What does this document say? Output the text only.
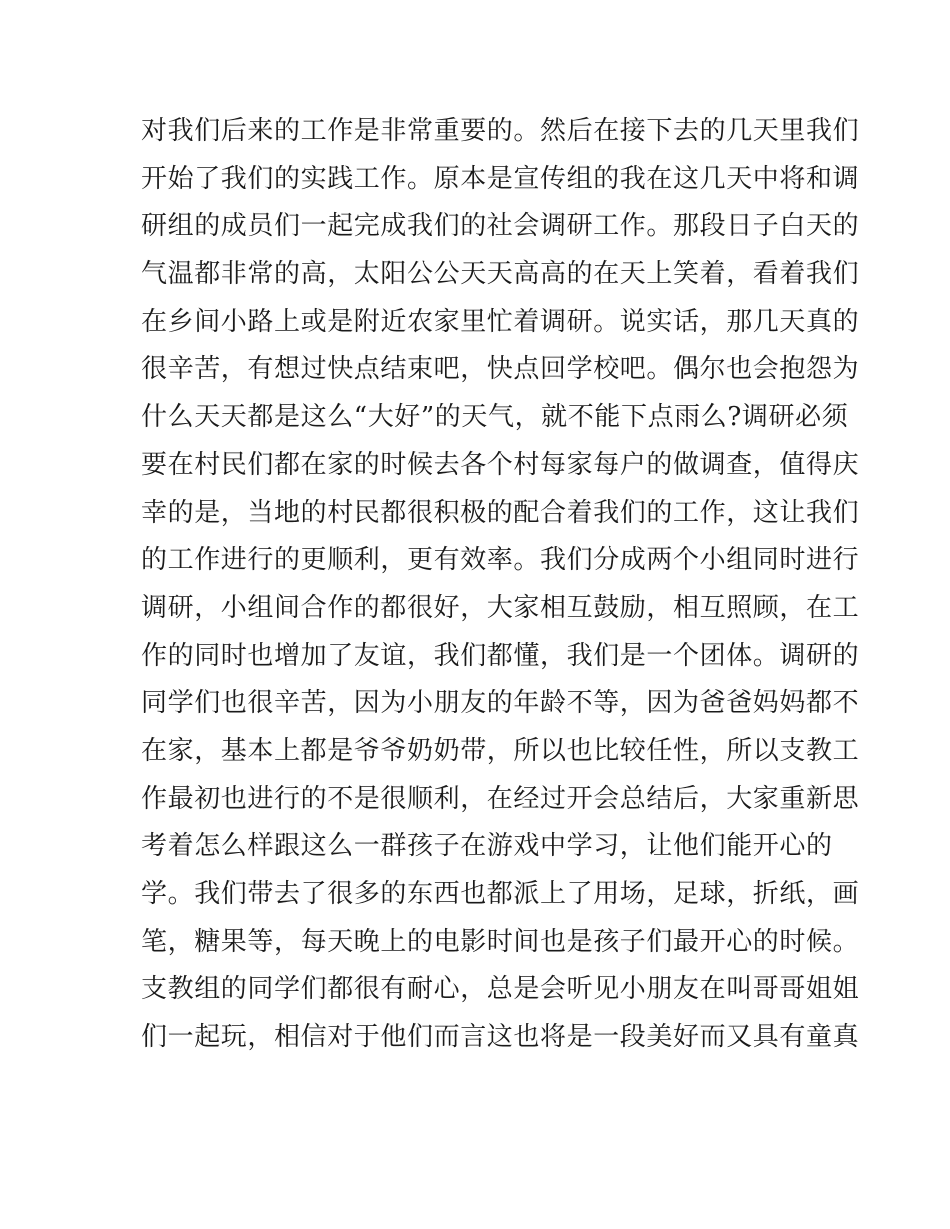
对我们后来的工作是非常重要的。然后在接下去的几天里我们
开始了我们的实践工作。原本是宣传组的我在这几天中将和调
研组的成员们一起完成我们的社会调研工作。那段日子白天的
气温都非常的高，太阳公公天天高高的在天上笑着，看着我们
在乡间小路上或是附近农家里忙着调研。说实话，那几天真的
很辛苦，有想过快点结束吧，快点回学校吧。偶尔也会抱怨为
什么天天都是这么“大好”的天气，就不能下点雨么?调研必须
要在村民们都在家的时候去各个村每家每户的做调查，值得庆
幸的是，当地的村民都很积极的配合着我们的工作，这让我们
的工作进行的更顺利，更有效率。我们分成两个小组同时进行
调研，小组间合作的都很好，大家相互鼓励，相互照顾，在工
作的同时也增加了友谊，我们都懂，我们是一个团体。调研的
同学们也很辛苦，因为小朋友的年龄不等，因为爸爸妈妈都不
在家，基本上都是爷爷奶奶带，所以也比较任性，所以支教工
作最初也进行的不是很顺利，在经过开会总结后，大家重新思
考着怎么样跟这么一群孩子在游戏中学习，让他们能开心的
学。我们带去了很多的东西也都派上了用场，足球，折纸，画
笔，糖果等，每天晚上的电影时间也是孩子们最开心的时候。
支教组的同学们都很有耐心，总是会听见小朋友在叫哥哥姐姐
们一起玩，相信对于他们而言这也将是一段美好而又具有童真
